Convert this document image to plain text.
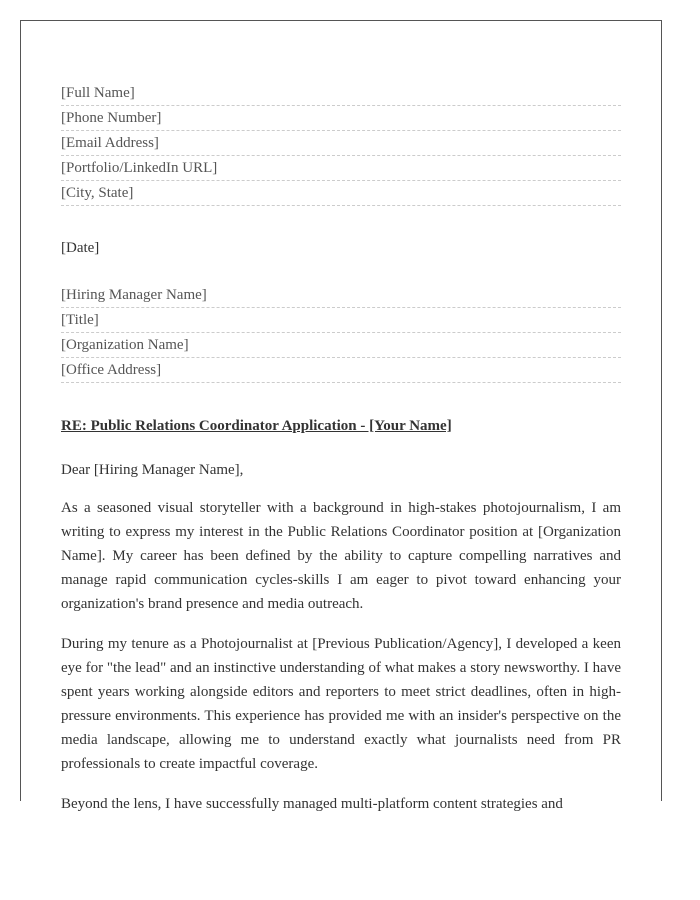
[Full Name]
[Phone Number]
[Email Address]
[Portfolio/LinkedIn URL]
[City, State]
[Date]
[Hiring Manager Name]
[Title]
[Organization Name]
[Office Address]
RE: Public Relations Coordinator Application - [Your Name]
Dear [Hiring Manager Name],

As a seasoned visual storyteller with a background in high-stakes photojournalism, I am writing to express my interest in the Public Relations Coordinator position at [Organization Name]. My career has been defined by the ability to capture compelling narratives and manage rapid communication cycles-skills I am eager to pivot toward enhancing your organization's brand presence and media outreach.

During my tenure as a Photojournalist at [Previous Publication/Agency], I developed a keen eye for "the lead" and an instinctive understanding of what makes a story newsworthy. I have spent years working alongside editors and reporters to meet strict deadlines, often in high-pressure environments. This experience has provided me with an insider's perspective on the media landscape, allowing me to understand exactly what journalists need from PR professionals to create impactful coverage.

Beyond the lens, I have successfully managed multi-platform content strategies and
